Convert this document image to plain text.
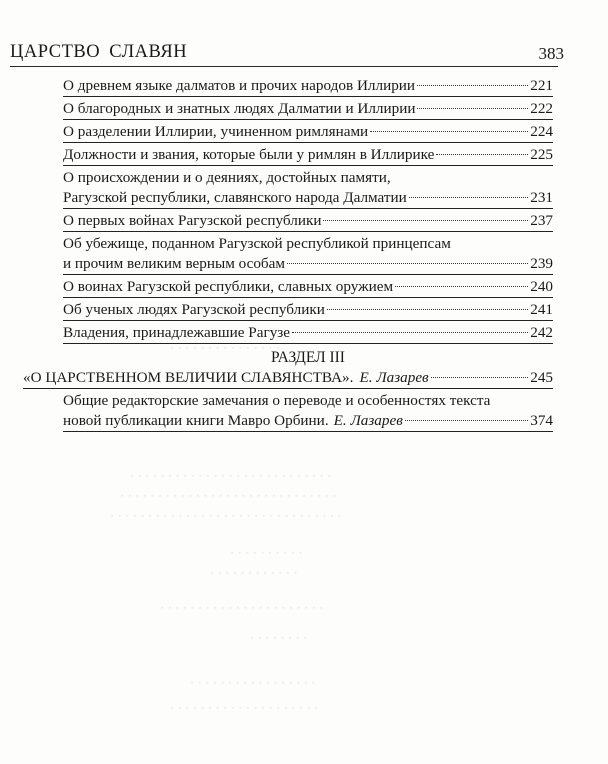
· · · · · · · · · · · · · · ·
· · · · · · · · · · · · · · · · · · · · · · · · · · ·
· · · · · · · · · · · · · · · · · · · · · · · · · · · · ·
· · · · · · · · · · · · · · · · · · · · · · · · · · · · · · ·
· · · · · · · · · ·
· · · · · · · · · · · ·
· · · · · · · · · · · · · · · · · · · · · ·
· · · · · · · ·
· · · · · · · · · · · · · · · · ·
· · · · · · · · · · · · · · · · · · · ·
ЦАРСТВО СЛАВЯН	383
О древнем языке далматов и прочих народов Иллирии	221
О благородных и знатных людях Далматии и Иллирии	222
О разделении Иллирии, учиненном римлянами	224
Должности и звания, которые были у римлян в Иллирике	225
О происхождении и о деяниях, достойных памяти,
Рагузской республики, славянского народа Далматии	231
О первых войнах Рагузской республики	237
Об убежище, поданном Рагузской республикой принцепсам
и прочим великим верным особам	239
О воинах Рагузской республики, славных оружием	240
Об ученых людях Рагузской республики	241
Владения, принадлежавшие Рагузе	242
РАЗДЕЛ III
«О ЦАРСТВЕННОМ ВЕЛИЧИИ СЛАВЯНСТВА». Е. Лазарев	245
Общие редакторские замечания о переводе и особенностях текста
новой публикации книги Мавро Орбини. Е. Лазарев	374
